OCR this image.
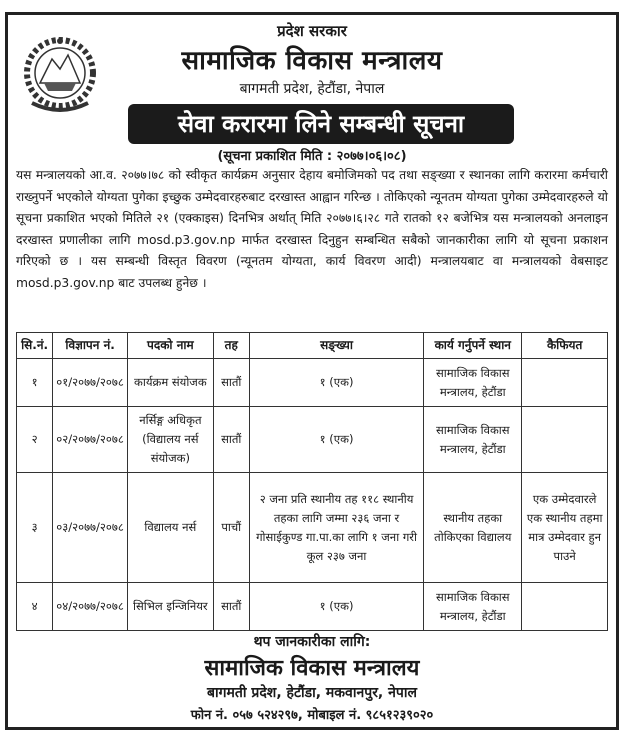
प्रदेश सरकार
सामाजिक विकास मन्त्रालय
बागमती प्रदेश, हेटौंडा, नेपाल
सेवा करारमा लिने सम्बन्धी सूचना
(सूचना प्रकाशित मिति : २०७७।०६।०८)
यस मन्त्रालयको आ.व. २०७७।७८ को स्वीकृत कार्यक्रम अनुसार देहाय बमोजिमको पद तथा सङ्ख्या र स्थानका लागि करारमा कर्मचारी राख्नुपर्ने भएकोले योग्यता पुगेका इच्छुक उम्मेदवारहरुबाट दरखास्त आह्वान गरिन्छ । तोकिएको न्यूनतम योग्यता पुगेका उम्मेदवारहरुले यो सूचना प्रकाशित भएको मितिले २१ (एक्काइस) दिनभित्र अर्थात् मिति २०७७।६।२८ गते रातको १२ बजेभित्र यस मन्त्रालयको अनलाइन दरखास्त प्रणालीका लागि mosd.p3.gov.np मार्फत दरखास्त दिनुहुन सम्बन्धित सबैको जानकारीका लागि यो सूचना प्रकाशन गरिएको छ । यस सम्बन्धी विस्तृत विवरण (न्यूनतम योग्यता, कार्य विवरण आदी) मन्त्रालयबाट वा मन्त्रालयको वेबसाइट mosd.p3.gov.np बाट उपलब्ध हुनेछ ।
सि.नं.	विज्ञापन नं.	पदको नाम	तह	सङ्ख्या	कार्य गर्नुपर्ने स्थान	कैफियत
१	०१/२०७७/२०७८	कार्यक्रम संयोजक	सातौं	१ (एक)	सामाजिक विकास मन्त्रालय, हेटौंडा	
२	०२/२०७७/२०७८	नर्सिङ्ग अधिकृत (विद्यालय नर्स संयोजक)	सातौं	१ (एक)	सामाजिक विकास मन्त्रालय, हेटौंडा	
३	०३/२०७७/२०७८	विद्यालय नर्स	पाचौं	२ जना प्रति स्थानीय तह ११८ स्थानीय तहका लागि जम्मा २३६ जना र गोसाईकुण्ड गा.पा.का लागि १ जना गरी कूल २३७ जना	स्थानीय तहका तोकिएका विद्यालय	एक उम्मेदवारले एक स्थानीय तहमा मात्र उम्मेदवार हुन पाउने
४	०४/२०७७/२०७८	सिभिल इन्जिनियर	सातौं	१ (एक)	सामाजिक विकास मन्त्रालय, हेटौंडा	
थप जानकारीका लागि:
सामाजिक विकास मन्त्रालय
बागमती प्रदेश, हेटौंडा, मकवानपुर, नेपाल
फोन नं. ०५७ ५२४२९७, मोबाइल नं. ९८५१२३९०२०
